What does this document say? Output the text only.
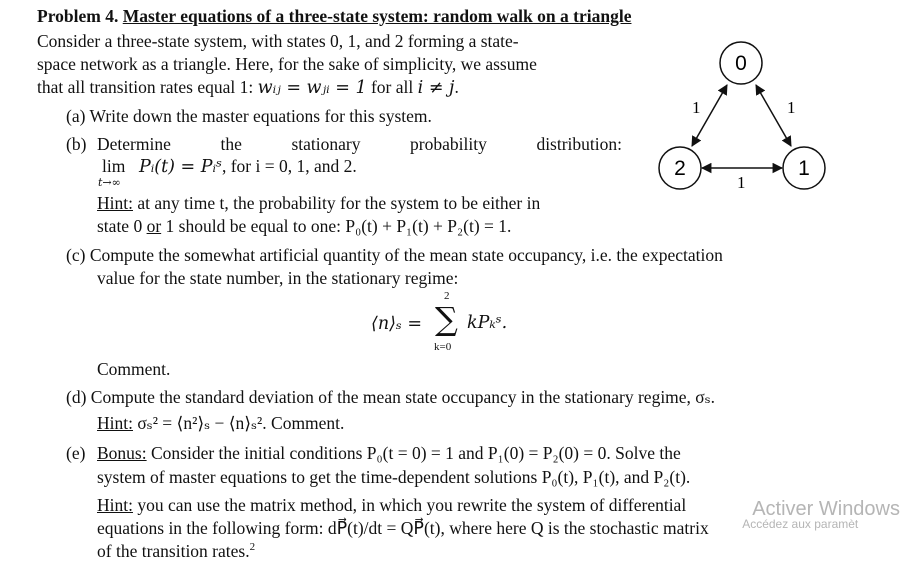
Problem 4. Master equations of a three-state system: random walk on a triangle
Consider a three-state system, with states 0, 1, and 2 forming a state-
space network as a triangle. Here, for the sake of simplicity, we assume
that all transition rates equal 1: wᵢⱼ = wⱼᵢ = 1 for all i ≠ j.
(a) Write down the master equations for this system.
(b) Determine	the	stationary	probability	distribution:
lim
t→∞
Pᵢ(t) = Pᵢˢ, for i = 0, 1, and 2.
Hint: at any time t, the probability for the system to be either in
state 0 or 1 should be equal to one: P₀(t) + P₁(t) + P₂(t) = 1.
(c) Compute the somewhat artificial quantity of the mean state occupancy, i.e. the expectation
value for the state number, in the stationary regime:
⟨n⟩ₛ =
2
∑
k=0
kPₖˢ.
Comment.
(d) Compute the standard deviation of the mean state occupancy in the stationary regime, σₛ.
Hint: σₛ² = ⟨n²⟩ₛ − ⟨n⟩ₛ². Comment.
(e) Bonus: Consider the initial conditions P₀(t = 0) = 1 and P₁(0) = P₂(0) = 0. Solve the
system of master equations to get the time-dependent solutions P₀(t), P₁(t), and P₂(t).
Hint: you can use the matrix method, in which you rewrite the system of differential
equations in the following form: dP⃗(t)/dt = QP⃗(t), where here Q is the stochastic matrix
of the transition rates.$^2$
0
1
2
1	1
1
Activer Windows
Accédez aux paramèt
